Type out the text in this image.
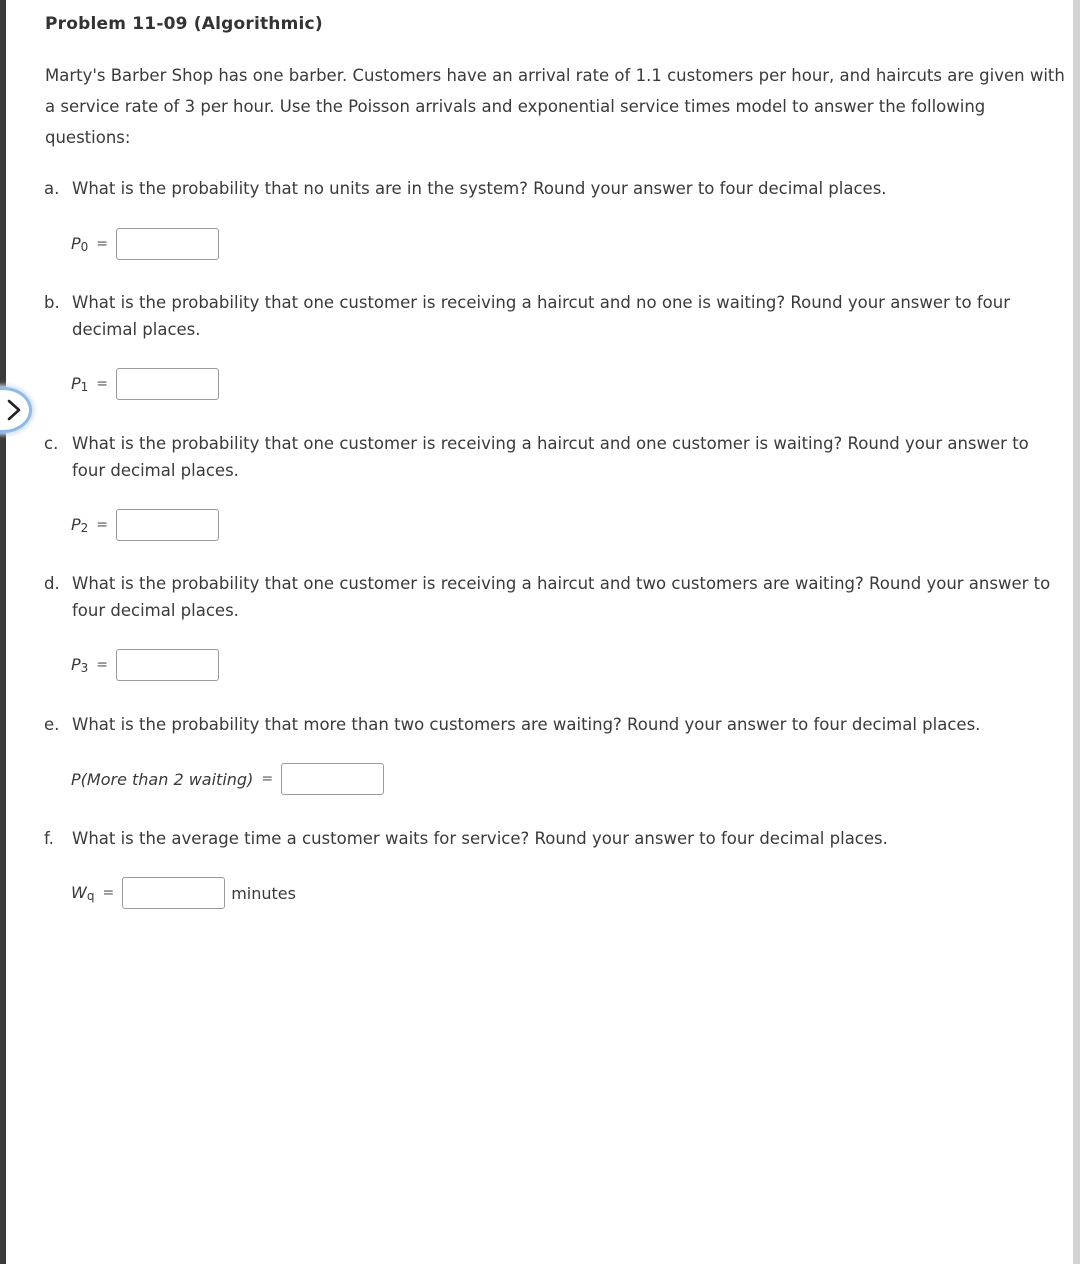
Problem 11-09 (Algorithmic)
Marty's Barber Shop has one barber. Customers have an arrival rate of 1.1 customers per hour, and haircuts are given with a service rate of 3 per hour. Use the Poisson arrivals and exponential service times model to answer the following questions:
a. What is the probability that no units are in the system? Round your answer to four decimal places.
P0 =
b. What is the probability that one customer is receiving a haircut and no one is waiting? Round your answer to four decimal places.
P1 =
c. What is the probability that one customer is receiving a haircut and one customer is waiting? Round your answer to four decimal places.
P2 =
d. What is the probability that one customer is receiving a haircut and two customers are waiting? Round your answer to four decimal places.
P3 =
e. What is the probability that more than two customers are waiting? Round your answer to four decimal places.
P(More than 2 waiting) =
f.	What is the average time a customer waits for service? Round your answer to four decimal places.
Wq =	minutes
